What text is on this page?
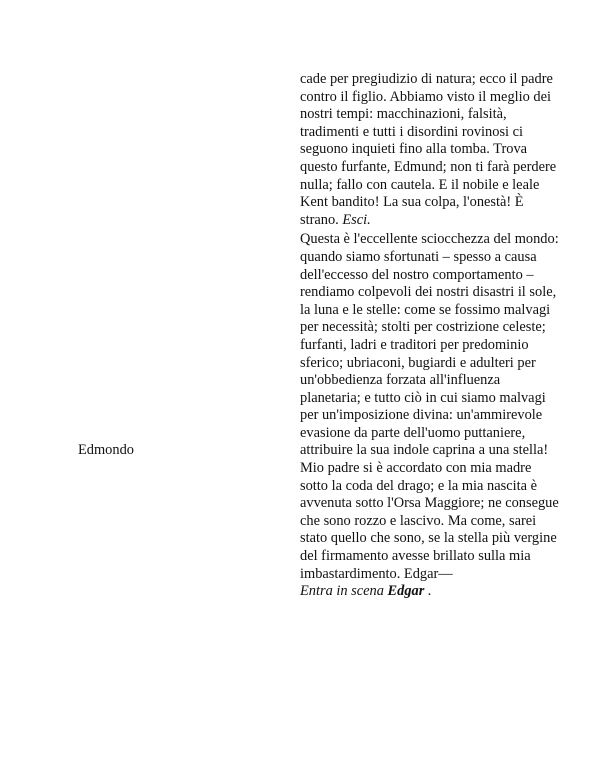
cade per pregiudizio di natura; ecco il padre contro il figlio. Abbiamo visto il meglio dei nostri tempi: macchinazioni, falsità, tradimenti e tutti i disordini rovinosi ci seguono inquieti fino alla tomba. Trova questo furfante, Edmund; non ti farà perdere nulla; fallo con cautela. E il nobile e leale Kent bandito! La sua colpa, l'onestà! È strano. Esci.

Questa è l'eccellente sciocchezza del mondo: quando siamo sfortunati – spesso a causa dell'eccesso del nostro comportamento – rendiamo colpevoli dei nostri disastri il sole, la luna e le stelle: come se fossimo malvagi per necessità; stolti per costrizione celeste; furfanti, ladri e traditori per predominio sferico; ubriaconi, bugiardi e adulteri per un'obbedienza forzata all'influenza planetaria; e tutto ciò in cui siamo malvagi per un'imposizione divina: un'ammirevole evasione da parte dell'uomo puttaniere, attribuire la sua indole caprina a una stella! Mio padre si è accordato con mia madre sotto la coda del drago; e la mia nascita è avvenuta sotto l'Orsa Maggiore; ne consegue che sono rozzo e lascivo. Ma come, sarei stato quello che sono, se la stella più vergine del firmamento avesse brillato sulla mia imbastardimento. Edgar—

Entra in scena Edgar .

Edmondo
